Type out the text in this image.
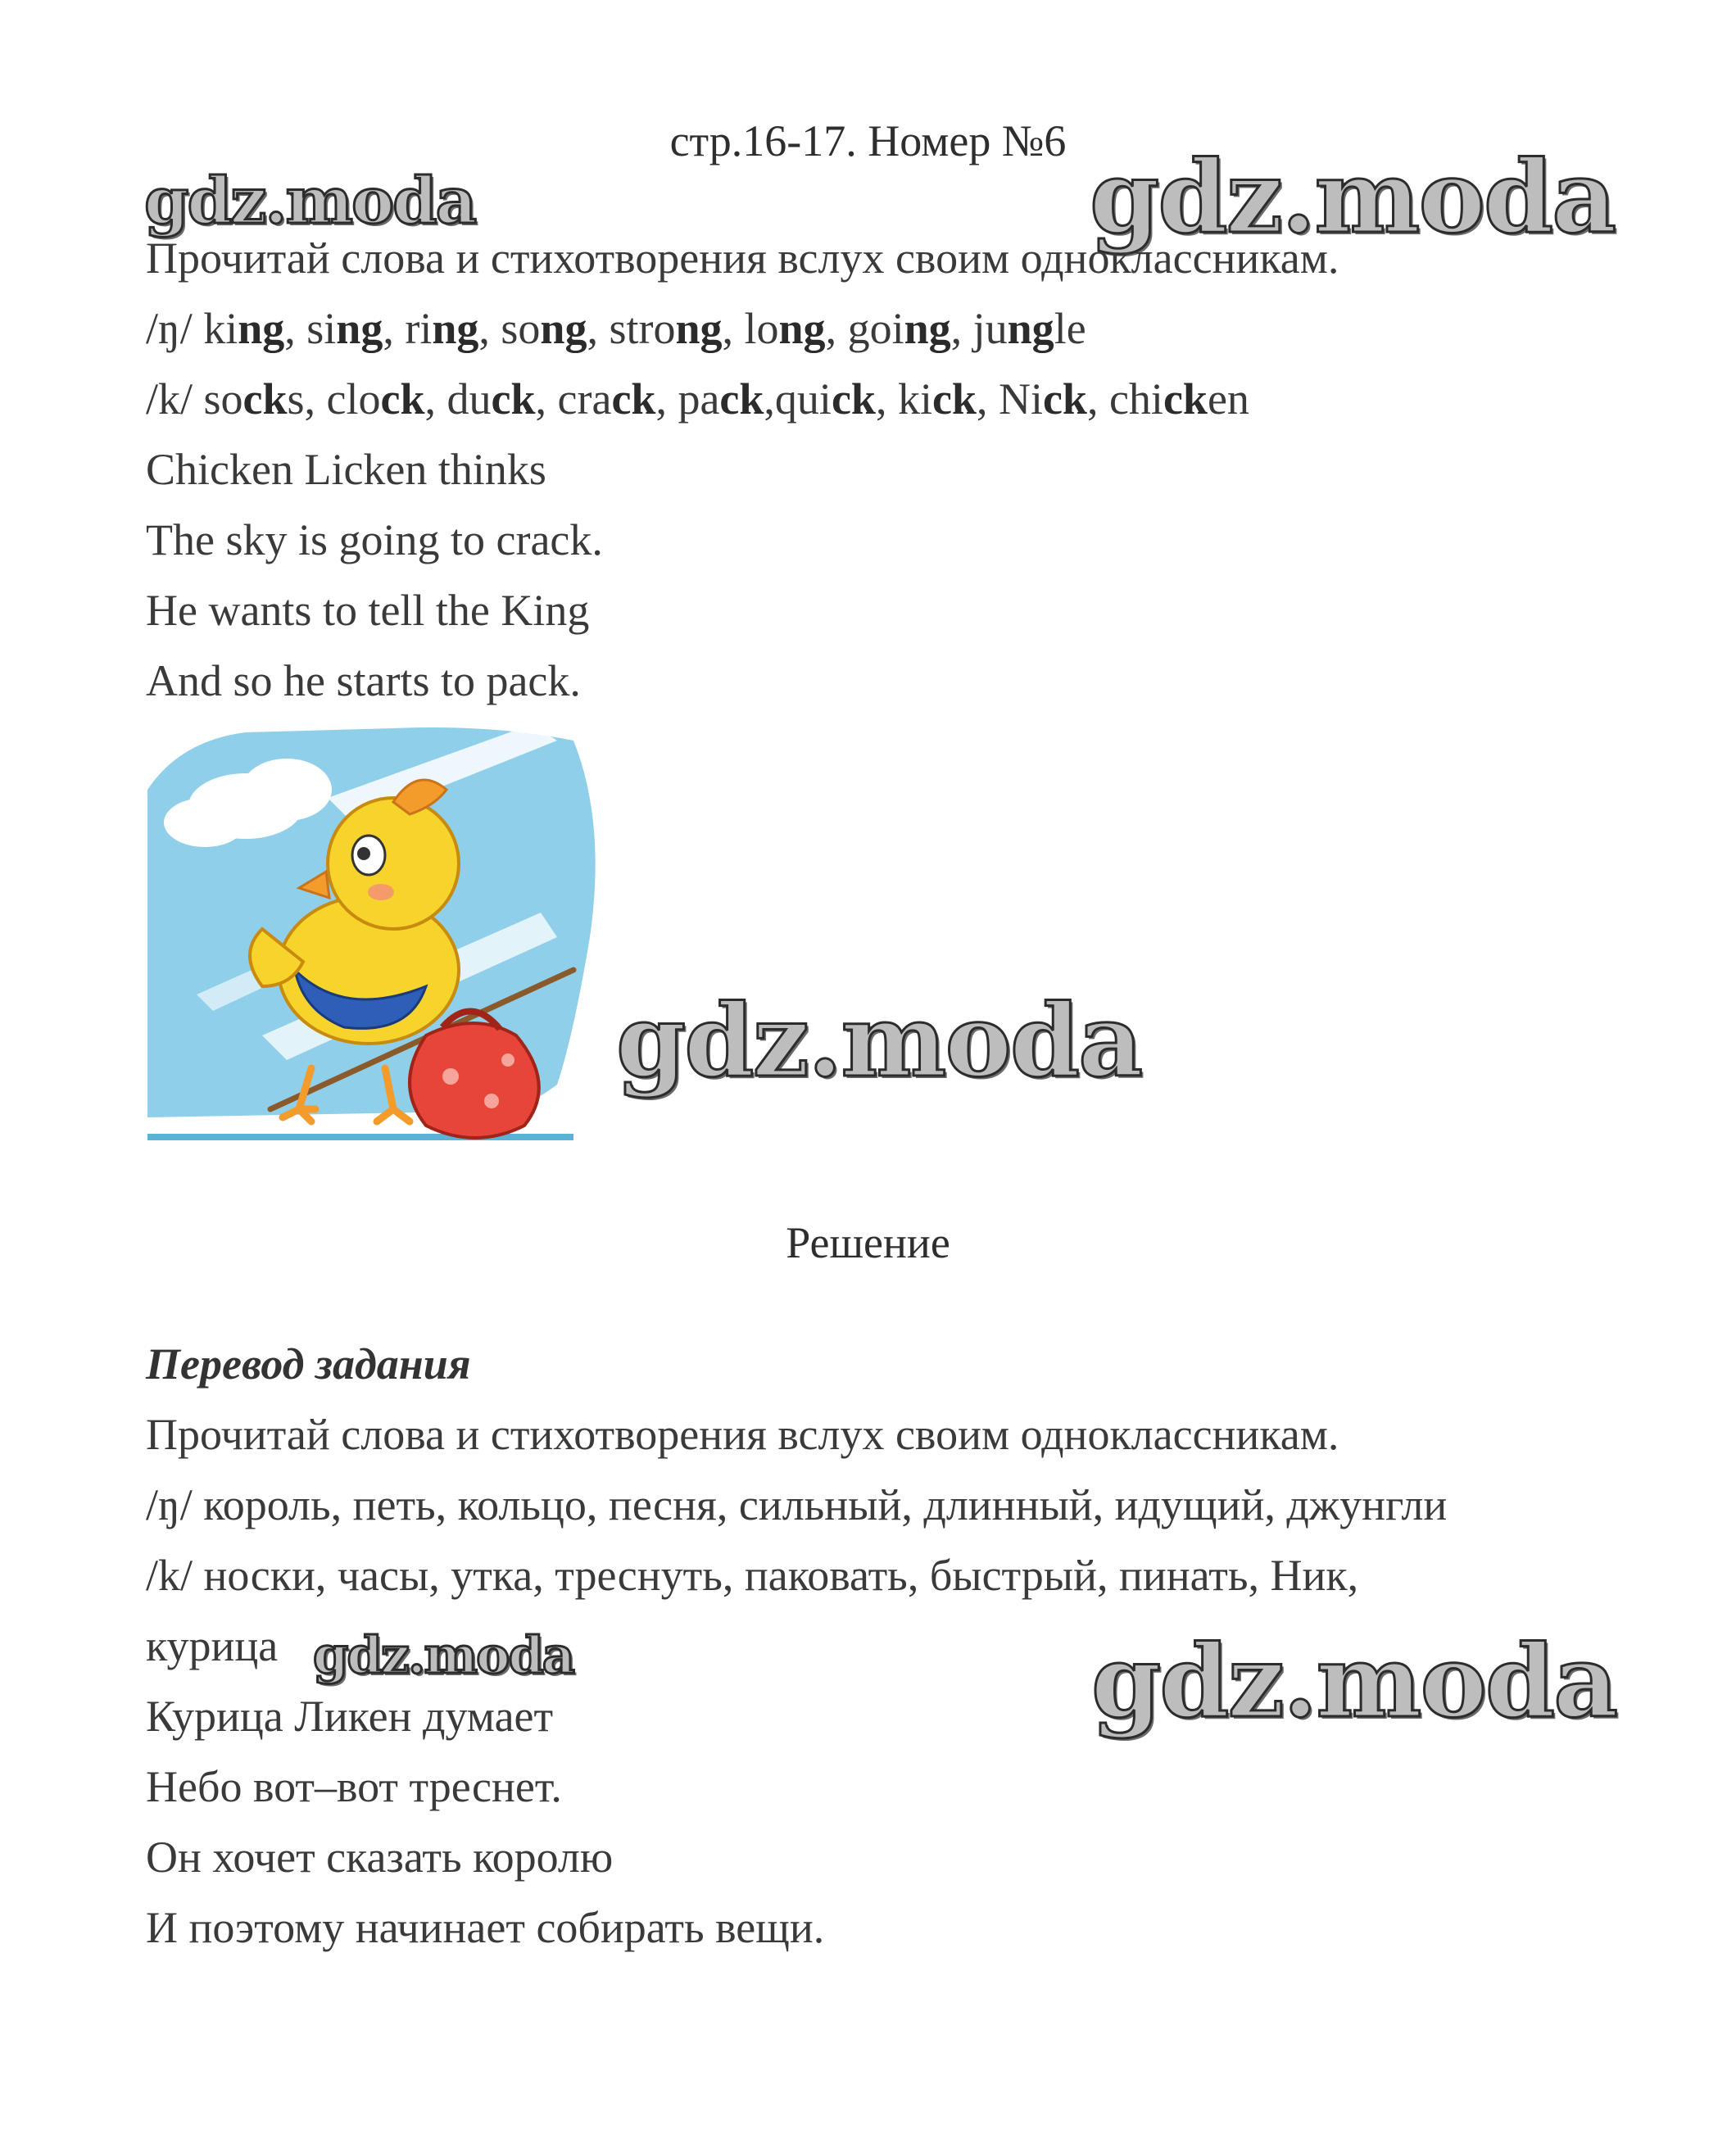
стр.16-17. Номер №6
gdz.moda	gdz.moda
gdz.moda
gdz.moda	gdz.moda
Прочитай слова и стихотворения вслух своим одноклассникам.
/ŋ/ king, sing, ring, song, strong, long, going, jungle
/k/ socks, clock, duck, crack, pack,quick, kick, Nick, chicken
Chicken Licken thinks
The sky is going to crack.
He wants to tell the King
And so he starts to pack.
Решение
Перевод задания
Прочитай слова и стихотворения вслух своим одноклассникам.
/ŋ/ король, петь, кольцо, песня, сильный, длинный, идущий, джунгли
/k/ носки, часы, утка, треснуть, паковать, быстрый, пинать, Ник,
курица
Курица Ликен думает
Небо вот–вот треснет.
Он хочет сказать королю
И поэтому начинает собирать вещи.
